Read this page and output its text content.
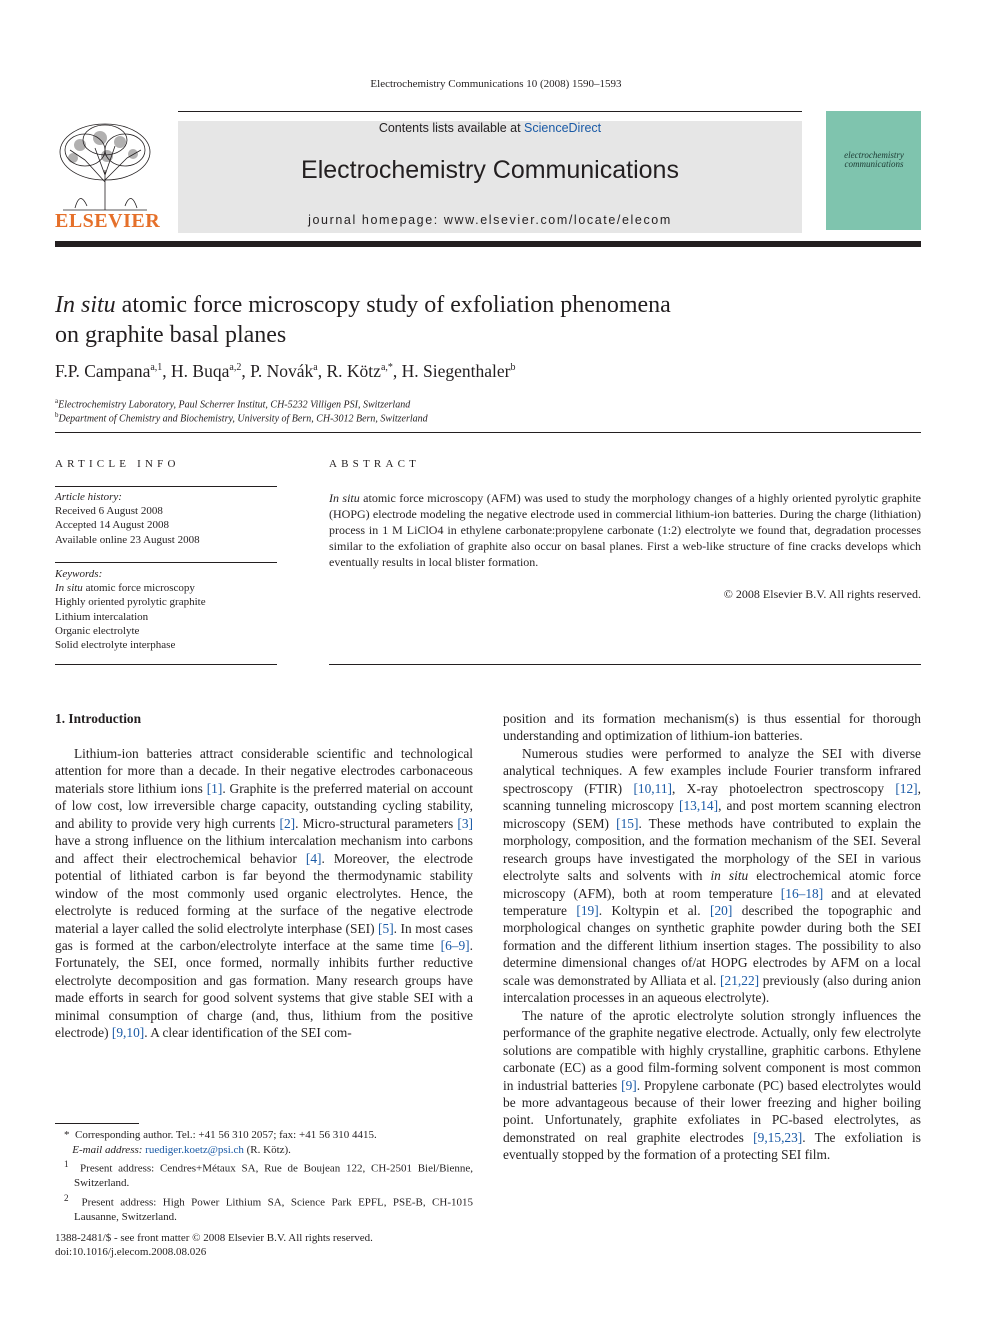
Electrochemistry Communications 10 (2008) 1590–1593
ELSEVIER
Contents lists available at ScienceDirect
Electrochemistry Communications
journal homepage: www.elsevier.com/locate/elecom
electrochemistry communications
In situ atomic force microscopy study of exfoliation phenomena
on graphite basal planes
F.P. Campana$^{a,1}$, H. Buqa$^{a,2}$, P. Novák$^a$, R. Kötz$^{a,*}$, H. Siegenthaler$^b$
$^a$Electrochemistry Laboratory, Paul Scherrer Institut, CH-5232 Villigen PSI, Switzerland
$^b$Department of Chemistry and Biochemistry, University of Bern, CH-3012 Bern, Switzerland
ARTICLE INFO
Article history:
Received 6 August 2008
Accepted 14 August 2008
Available online 23 August 2008
Keywords:
In situ atomic force microscopy
Highly oriented pyrolytic graphite
Lithium intercalation
Organic electrolyte
Solid electrolyte interphase
ABSTRACT
In situ atomic force microscopy (AFM) was used to study the morphology changes of a highly oriented pyrolytic graphite (HOPG) electrode modeling the negative electrode used in commercial lithium-ion batteries. During the charge (lithiation) process in 1 M LiClO4 in ethylene carbonate:propylene carbonate (1:2) electrolyte we found that, degradation processes similar to the exfoliation of graphite also occur on basal planes. First a web-like structure of fine cracks develops which eventually results in local blister formation.
© 2008 Elsevier B.V. All rights reserved.
1. Introduction

Lithium-ion batteries attract considerable scientific and technological attention for more than a decade. In their negative electrodes carbonaceous materials store lithium ions [1]. Graphite is the preferred material on account of low cost, low irreversible charge capacity, outstanding cycling stability, and ability to provide very high currents [2]. Micro-structural parameters [3] have a strong influence on the lithium intercalation mechanism into carbons and affect their electrochemical behavior [4]. Moreover, the electrode potential of lithiated carbon is far beyond the thermodynamic stability window of the most commonly used organic electrolytes. Hence, the electrolyte is reduced forming at the surface of the negative electrode material a layer called the solid electrolyte interphase (SEI) [5]. In most cases gas is formed at the carbon/electrolyte interface at the same time [6–9]. Fortunately, the SEI, once formed, normally inhibits further reductive electrolyte decomposition and gas formation. Many research groups have made efforts in search for good solvent systems that give stable SEI with a minimal consumption of charge (and, thus, lithium from the positive electrode) [9,10]. A clear identification of the SEI com-

position and its formation mechanism(s) is thus essential for thorough understanding and optimization of lithium-ion batteries.

Numerous studies were performed to analyze the SEI with diverse analytical techniques. A few examples include Fourier transform infrared spectroscopy (FTIR) [10,11], X-ray photoelectron spectroscopy [12], scanning tunneling microscopy [13,14], and post mortem scanning electron microscopy (SEM) [15]. These methods have contributed to explain the morphology, composition, and the formation mechanism of the SEI. Several research groups have investigated the morphology of the SEI in various electrolyte salts and solvents with in situ electrochemical atomic force microscopy (AFM), both at room temperature [16–18] and at elevated temperature [19]. Koltypin et al. [20] described the topographic and morphological changes on synthetic graphite powder during both the SEI formation and the different lithium insertion stages. The possibility to also determine dimensional changes of/at HOPG electrodes by AFM on a local scale was demonstrated by Alliata et al. [21,22] previously (also during anion intercalation processes in an aqueous electrolyte).

The nature of the aprotic electrolyte solution strongly influences the performance of the graphite negative electrode. Actually, only few electrolyte solutions are compatible with highly crystalline, graphitic carbons. Ethylene carbonate (EC) as a good film-forming solvent component is most common in industrial batteries [9]. Propylene carbonate (PC) based electrolytes would be more advantageous because of their lower freezing and higher boiling point. Unfortunately, graphite exfoliates in PC-based electrolytes, as demonstrated on real graphite electrodes [9,15,23]. The exfoliation is eventually stopped by the formation of a protecting SEI film.

* Corresponding author. Tel.: +41 56 310 2057; fax: +41 56 310 4415.
E-mail address: ruediger.koetz@psi.ch (R. Kötz).
$^1$ Present address: Cendres+Métaux SA, Rue de Boujean 122, CH-2501 Biel/Bienne, Switzerland.
$^2$ Present address: High Power Lithium SA, Science Park EPFL, PSE-B, CH-1015 Lausanne, Switzerland.
1388-2481/$ - see front matter © 2008 Elsevier B.V. All rights reserved.
doi:10.1016/j.elecom.2008.08.026
